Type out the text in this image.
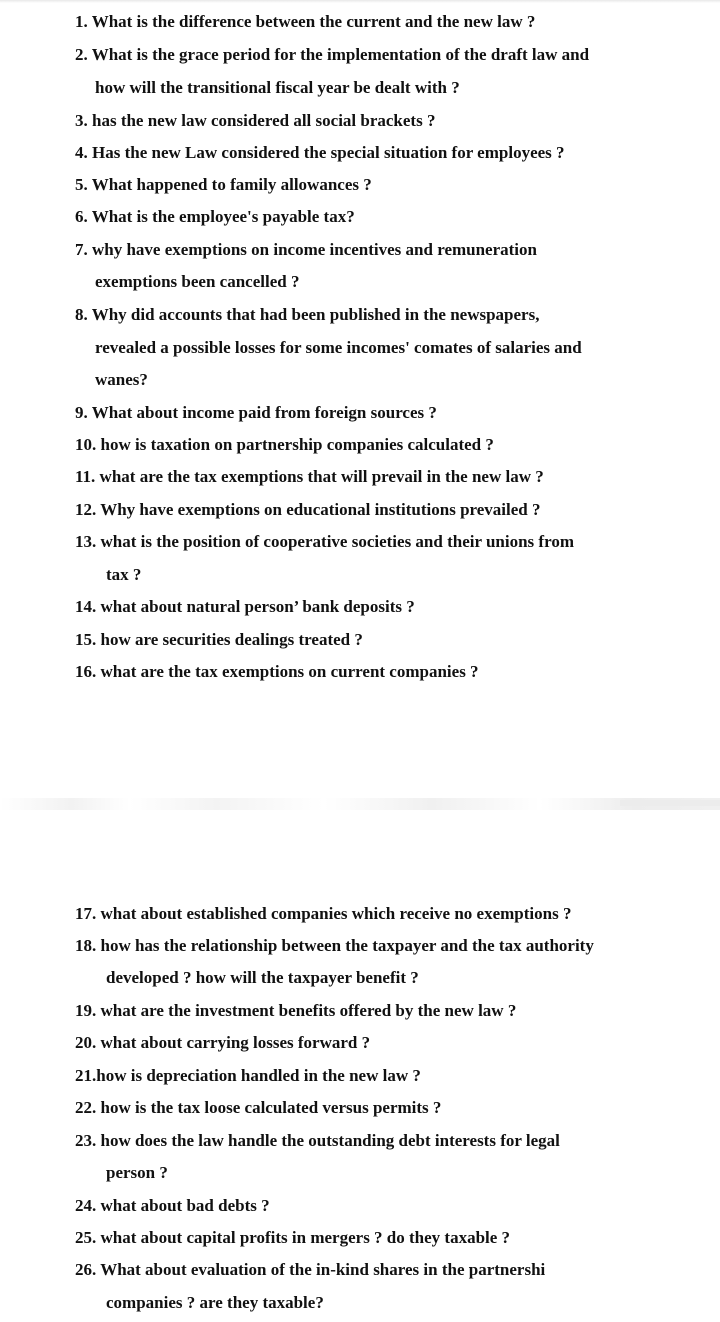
1. What is the difference between the current and the new law ?
2. What is the grace period for the implementation of the draft law and
how will the transitional fiscal year be dealt with ?
3. has the new law considered all social brackets ?
4. Has the new Law considered the special situation for employees ?
5. What happened to family allowances ?
6. What is the employee's payable tax?
7. why have exemptions on income incentives and remuneration
exemptions been cancelled ?
8. Why did accounts that had been published in the newspapers,
revealed a possible losses for some incomes' comates of salaries and
wanes?
9. What about income paid from foreign sources ?
10. how is taxation on partnership companies calculated ?
11. what are the tax exemptions that will prevail in the new law ?
12. Why have exemptions on educational institutions prevailed ?
13. what is the position of cooperative societies and their unions from
tax ?
14. what about natural person’ bank deposits ?
15. how are securities dealings treated ?
16. what are the tax exemptions on current companies ?
17. what about established companies which receive no exemptions ?
18. how has the relationship between the taxpayer and the tax authority
developed ? how will the taxpayer benefit ?
19. what are the investment benefits offered by the new law ?
20. what about carrying losses forward ?
21.how is depreciation handled in the new law ?
22. how is the tax loose calculated versus permits ?
23. how does the law handle the outstanding debt interests for legal
person ?
24. what about bad debts ?
25. what about capital profits in mergers ? do they taxable ?
26. What about evaluation of the in-kind shares in the partnershi
companies ? are they taxable?
